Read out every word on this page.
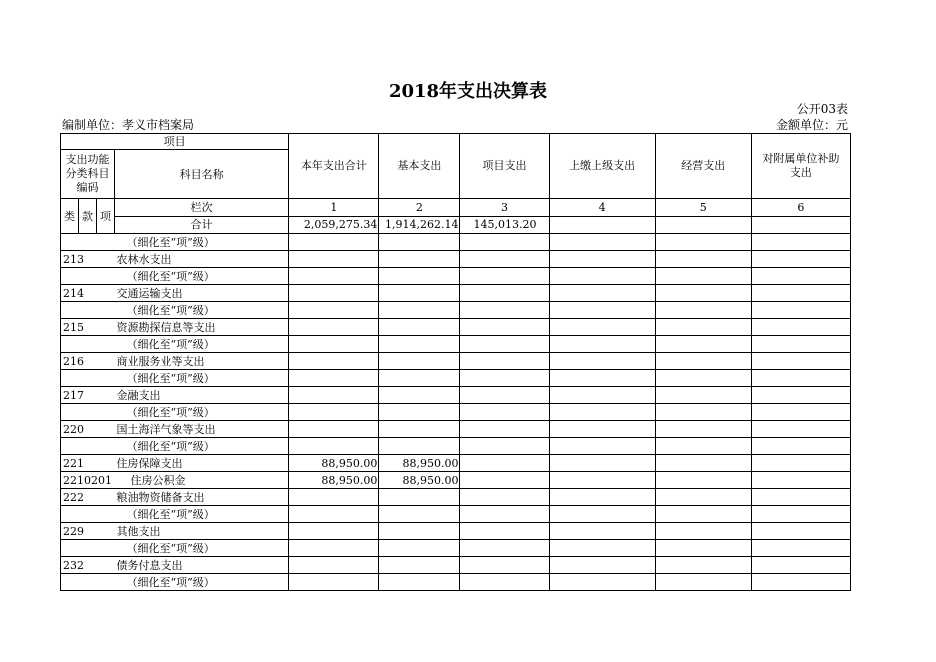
2018年支出决算表
公开03表
编制单位：孝义市档案局	金额单位：元
项目				本年支出合计	基本支出	项目支出	上缴上级支出	经营支出	对附属单位补助支出
支出功能分类科目编码			科目名称						
类	款	项	栏次	1	2	3	4	5	6
			合计	2,059,275.34	1,914,262.14	145,013.20			
			（细化至“项”级）						
213			农林水支出						
			（细化至“项”级）						
214			交通运输支出						
			（细化至“项”级）						
215			资源勘探信息等支出						
			（细化至“项”级）						
216			商业服务业等支出						
			（细化至“项”级）						
217			金融支出						
			（细化至“项”级）						
220			国土海洋气象等支出						
			（细化至“项”级）						
221			住房保障支出	88,950.00	88,950.00				
2210201			住房公积金	88,950.00	88,950.00				
222			粮油物资储备支出						
			（细化至“项”级）						
229			其他支出						
			（细化至“项”级）						
232			债务付息支出						
			（细化至“项”级）						
